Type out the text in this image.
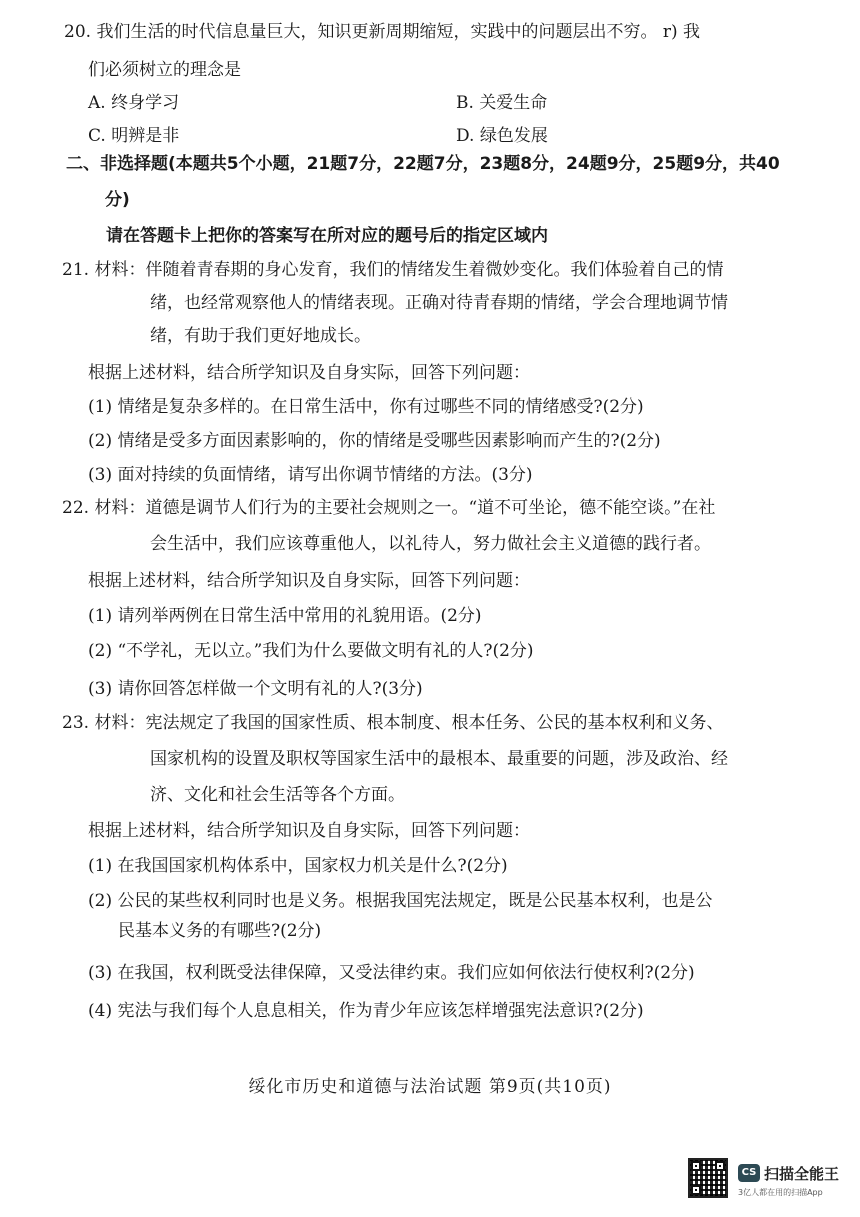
20. 我们生活的时代信息量巨大，知识更新周期缩短，实践中的问题层出不穷。 r) 我
们必须树立的理念是
A. 终身学习	B. 关爱生命
C. 明辨是非	D. 绿色发展
二、非选择题(本题共5个小题，21题7分，22题7分，23题8分，24题9分，25题9分，共40
分)
请在答题卡上把你的答案写在所对应的题号后的指定区域内
21. 材料：伴随着青春期的身心发育，我们的情绪发生着微妙变化。我们体验着自己的情
绪，也经常观察他人的情绪表现。正确对待青春期的情绪，学会合理地调节情
绪，有助于我们更好地成长。
根据上述材料，结合所学知识及自身实际，回答下列问题：
(1) 情绪是复杂多样的。在日常生活中，你有过哪些不同的情绪感受?(2分)
(2) 情绪是受多方面因素影响的，你的情绪是受哪些因素影响而产生的?(2分)
(3) 面对持续的负面情绪，请写出你调节情绪的方法。(3分)
22. 材料：道德是调节人们行为的主要社会规则之一。“道不可坐论，德不能空谈。”在社
会生活中，我们应该尊重他人，以礼待人，努力做社会主义道德的践行者。
根据上述材料，结合所学知识及自身实际，回答下列问题：
(1) 请列举两例在日常生活中常用的礼貌用语。(2分)
(2) “不学礼，无以立。”我们为什么要做文明有礼的人?(2分)
(3) 请你回答怎样做一个文明有礼的人?(3分)
23. 材料：宪法规定了我国的国家性质、根本制度、根本任务、公民的基本权利和义务、
国家机构的设置及职权等国家生活中的最根本、最重要的问题，涉及政治、经
济、文化和社会生活等各个方面。
根据上述材料，结合所学知识及自身实际，回答下列问题：
(1) 在我国国家机构体系中，国家权力机关是什么?(2分)
(2) 公民的某些权利同时也是义务。根据我国宪法规定，既是公民基本权利，也是公
民基本义务的有哪些?(2分)
(3) 在我国，权利既受法律保障，又受法律约束。我们应如何依法行使权利?(2分)
(4) 宪法与我们每个人息息相关，作为青少年应该怎样增强宪法意识?(2分)
绥化市历史和道德与法治试题 第9页(共10页)
CS 扫描全能王
3亿人都在用的扫描App
